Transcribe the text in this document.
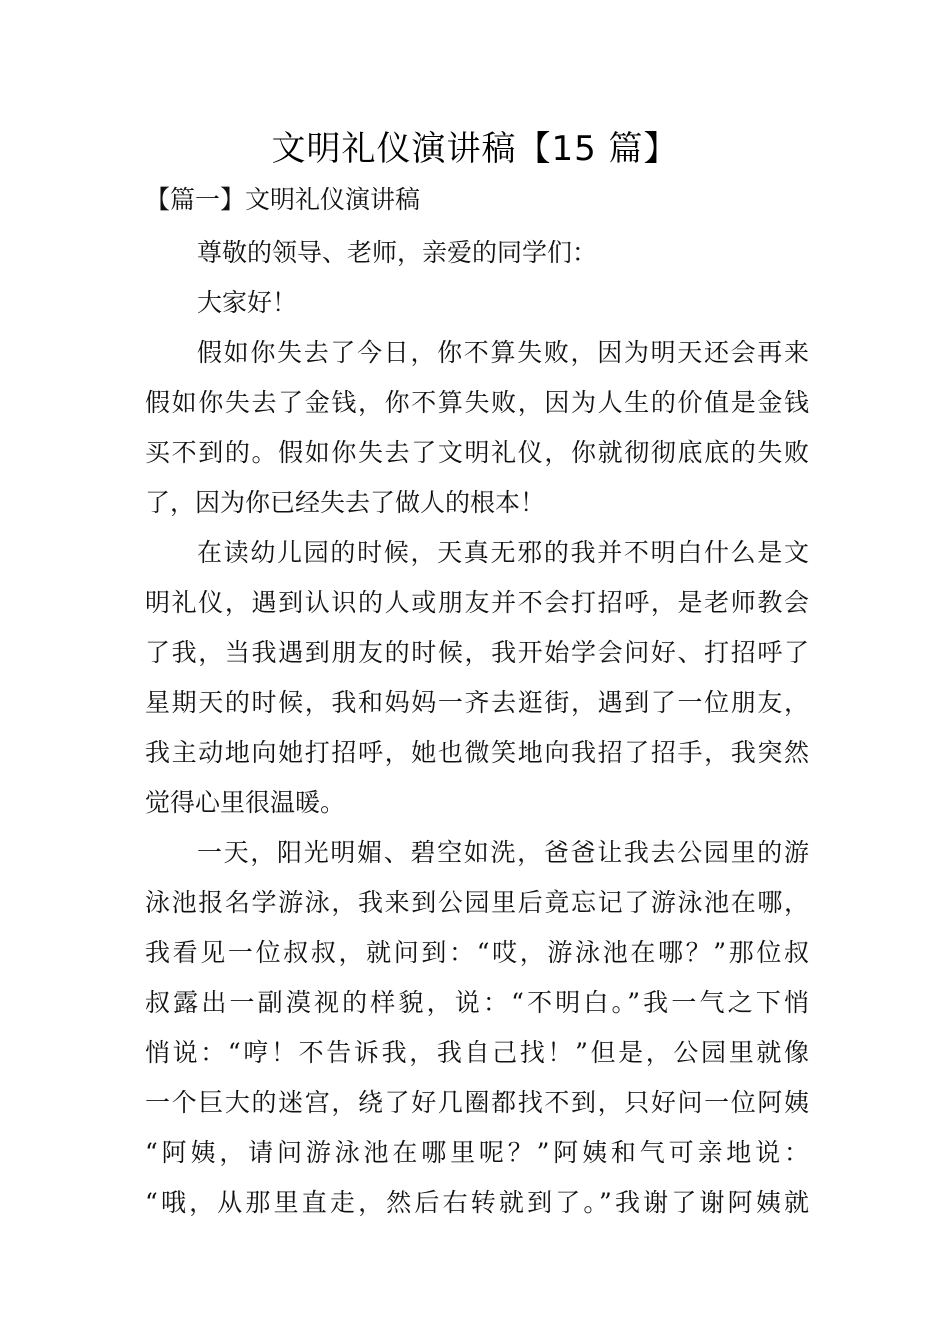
文明礼仪演讲稿【15 篇】
【篇一】文明礼仪演讲稿
尊敬的领导、老师，亲爱的同学们：
大家好！
假如你失去了今日，你不算失败，因为明天还会再来
假如你失去了金钱，你不算失败，因为人生的价值是金钱
买不到的。假如你失去了文明礼仪，你就彻彻底底的失败
了，因为你已经失去了做人的根本！
在读幼儿园的时候，天真无邪的我并不明白什么是文
明礼仪，遇到认识的人或朋友并不会打招呼，是老师教会
了我，当我遇到朋友的时候，我开始学会问好、打招呼了
星期天的时候，我和妈妈一齐去逛街，遇到了一位朋友，
我主动地向她打招呼，她也微笑地向我招了招手，我突然
觉得心里很温暖。
一天，阳光明媚、碧空如洗，爸爸让我去公园里的游
泳池报名学游泳，我来到公园里后竟忘记了游泳池在哪，
我看见一位叔叔，就问到：“哎，游泳池在哪？”那位叔
叔露出一副漠视的样貌，说：“不明白。”我一气之下悄
悄说：“哼！不告诉我，我自己找！”但是，公园里就像
一个巨大的迷宫，绕了好几圈都找不到，只好问一位阿姨
“阿姨，请问游泳池在哪里呢？”阿姨和气可亲地说：
“哦，从那里直走，然后右转就到了。”我谢了谢阿姨就
